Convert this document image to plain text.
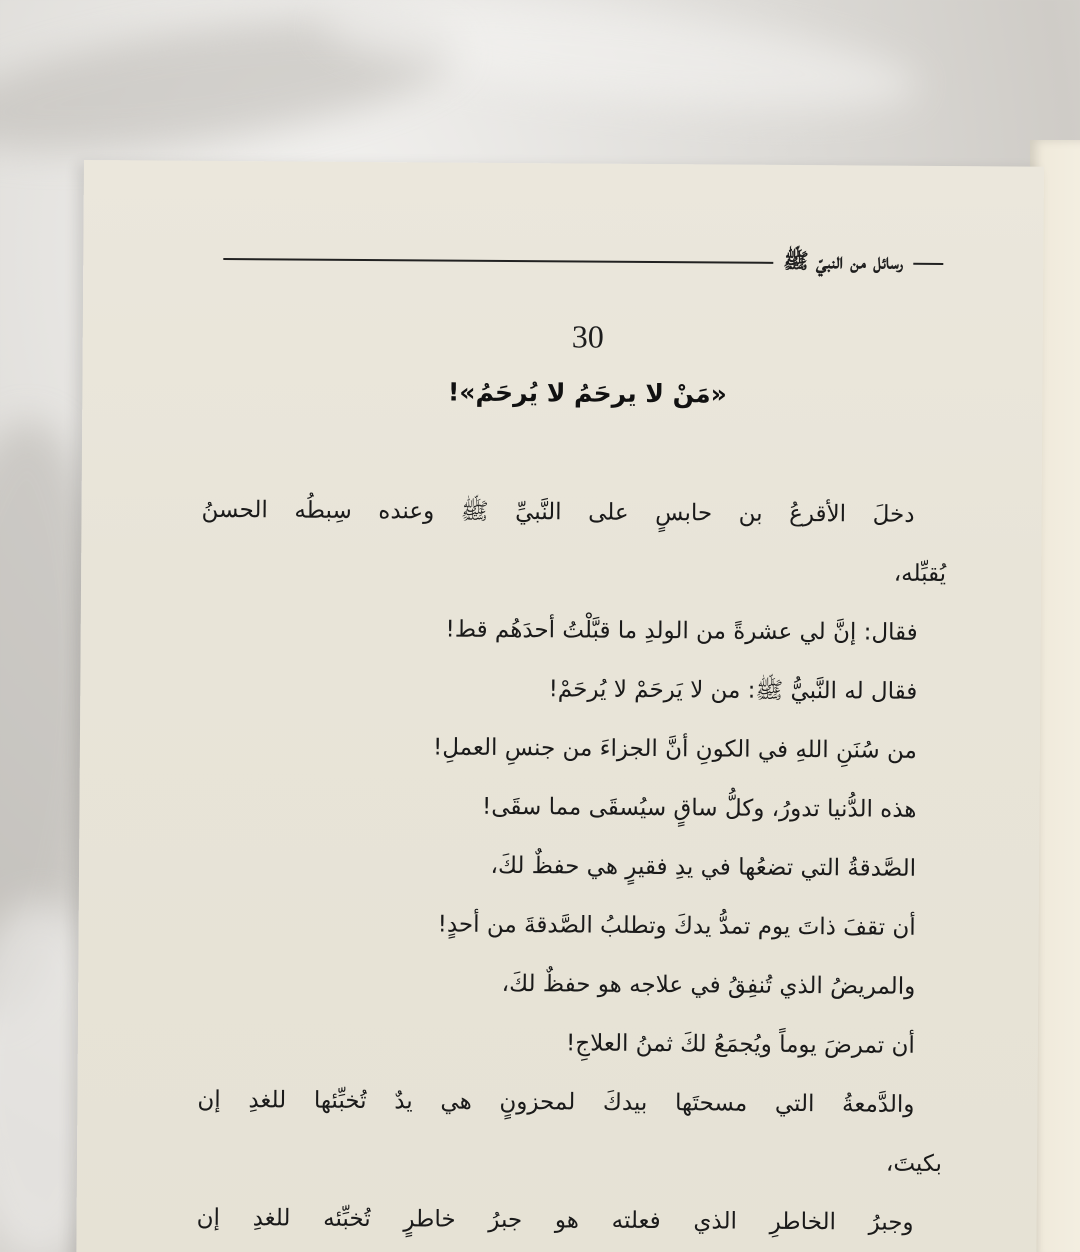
رسائل من النبيّ ﷺ
30
«مَنْ لا يرحَمُ لا يُرحَمُ»!
دخلَ الأقرعُ بن حابسٍ على النَّبيِّ ﷺ وعنده سِبطُه الحسنُ
يُقبِّله،
فقال: إنَّ لي عشرةً من الولدِ ما قبَّلْتُ أحدَهُم قط!
فقال له النَّبيُّ ﷺ: من لا يَرحَمْ لا يُرحَمْ!
من سُنَنِ اللهِ في الكونِ أنَّ الجزاءَ من جنسِ العملِ!
هذه الدُّنيا تدورُ، وكلُّ ساقٍ سيُسقَى مما سقَى!
الصَّدقةُ التي تضعُها في يدِ فقيرٍ هي حفظٌ لكَ،
أن تقفَ ذاتَ يوم تمدُّ يدكَ وتطلبُ الصَّدقةَ من أحدٍ!
والمريضُ الذي تُنفِقُ في علاجه هو حفظٌ لكَ،
أن تمرضَ يوماً ويُجمَعُ لكَ ثمنُ العلاجِ!
والدَّمعةُ التي مسحتَها بيدكَ لمحزونٍ هي يدٌ تُخبِّئها للغدِ إن
بكيتَ،
وجبرُ الخاطرِ الذي فعلته هو جبرُ خاطرٍ تُخبِّئه للغدِ إن
